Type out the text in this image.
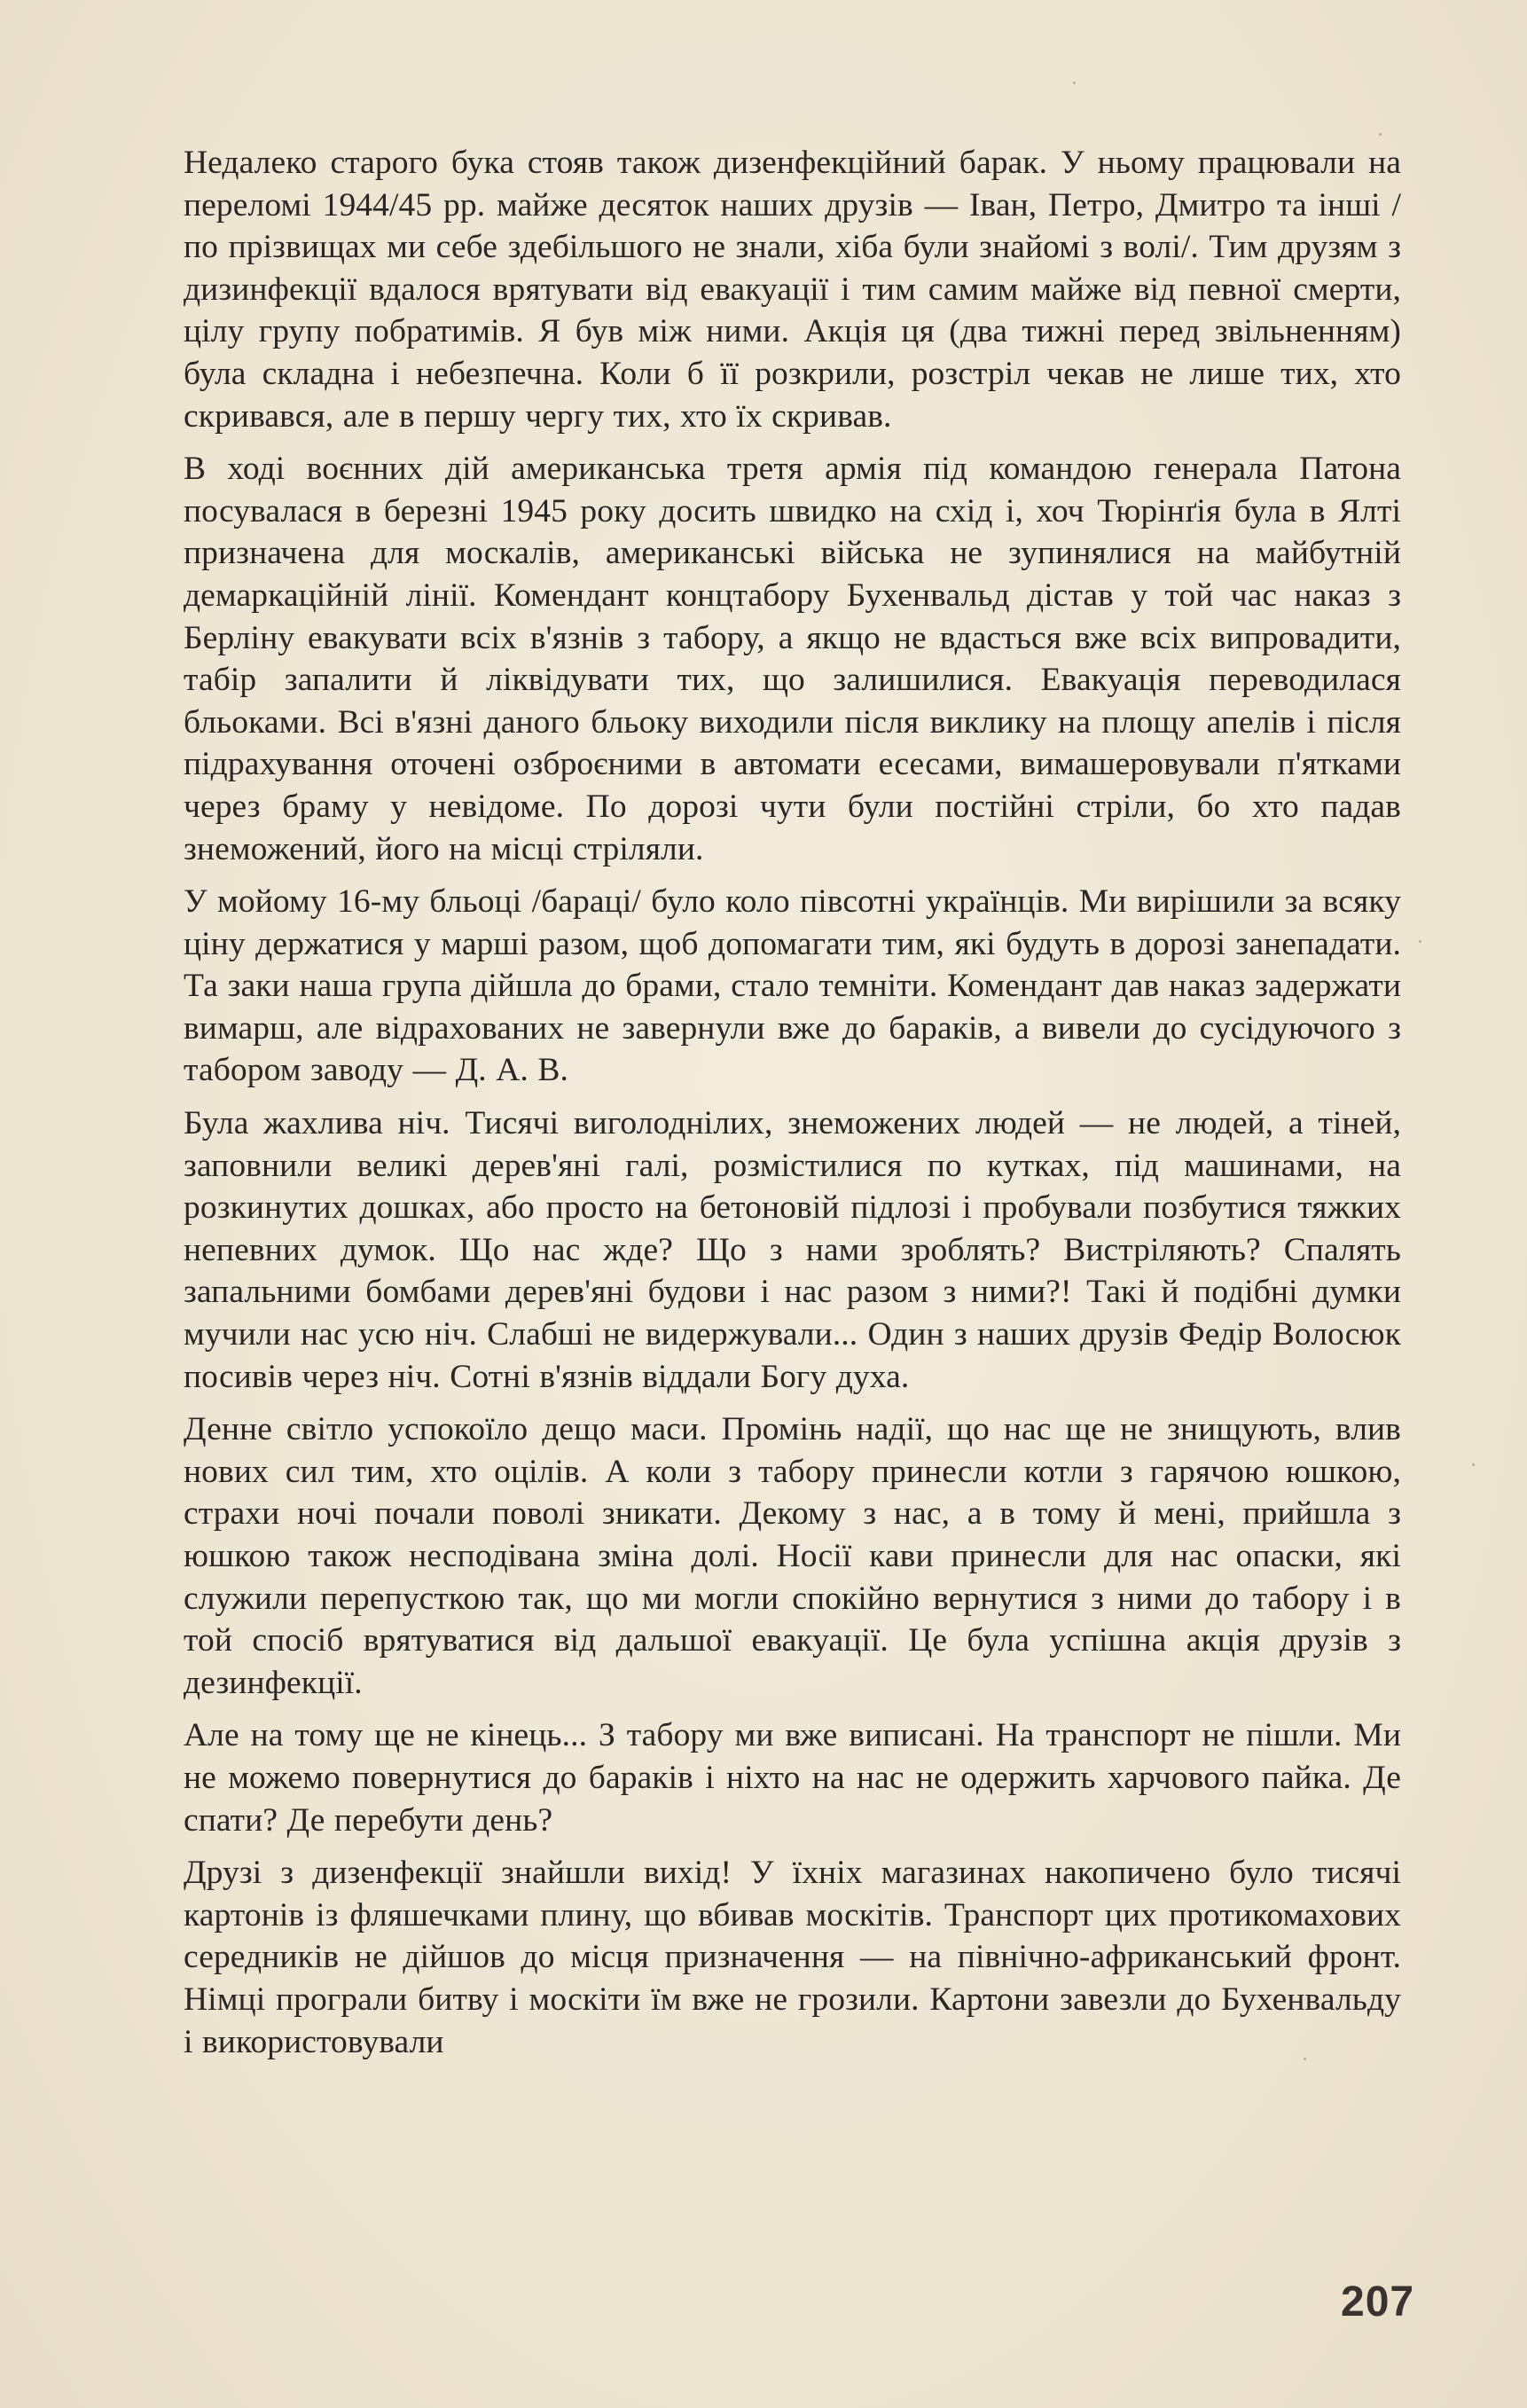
Недалеко старого бука стояв також дизенфекційний барак. У ньому працювали на переломі 1944/45 рр. майже десяток наших друзів — Іван, Петро, Дмитро та інші /по прізвищах ми себе здебільшого не знали, хіба були знайомі з волі/. Тим друзям з дизинфекції вдалося врятувати від евакуації і тим самим майже від певної смерти, цілу групу побратимів. Я був між ними. Акція ця (два тижні перед звільненням) була складна і небезпечна. Коли б її розкрили, розстріл чекав не лише тих, хто скривався, але в першу чергу тих, хто їх скривав.

В ході воєнних дій американська третя армія під командою генерала Патона посувалася в березні 1945 року досить швидко на схід і, хоч Тюрінґія була в Ялті призначена для москалів, американські війська не зупинялися на майбутній демаркаційній лінії. Комендант концтабору Бухенвальд дістав у той час наказ з Берліну евакувати всіх в'язнів з табору, а якщо не вдасться вже всіх випровадити, табір запалити й ліквідувати тих, що залишилися. Евакуація переводилася бльоками. Всі в'язні даного бльоку виходили після виклику на площу апелів і після підрахування оточені озброєними в автомати есесами, вимашеровували п'ятками через браму у невідоме. По дорозі чути були постійні стріли, бо хто падав знеможений, його на місці стріляли.

У мойому 16-му бльоці /бараці/ було коло півсотні українців. Ми вирішили за всяку ціну держатися у марші разом, щоб допомагати тим, які будуть в дорозі занепадати. Та заки наша група дійшла до брами, стало темніти. Комендант дав наказ задержати вимарш, але відрахованих не завернули вже до бараків, а вивели до сусідуючого з табором заводу — Д. А. В.

Була жахлива ніч. Тисячі виголоднілих, знеможених людей — не людей, а тіней, заповнили великі дерев'яні галі, розмістилися по кутках, під машинами, на розкинутих дошках, або просто на бетоновій підлозі і пробували позбутися тяжких непевних думок. Що нас жде? Що з нами зроблять? Вистріляють? Спалять запальними бомбами дерев'яні будови і нас разом з ними?! Такі й подібні думки мучили нас усю ніч. Слабші не видержували... Один з наших друзів Федір Волосюк посивів через ніч. Сотні в'язнів віддали Богу духа.

Денне світло успокоїло дещо маси. Промінь надії, що нас ще не знищують, влив нових сил тим, хто оцілів. А коли з табору принесли котли з гарячою юшкою, страхи ночі почали поволі зникати. Декому з нас, а в тому й мені, прийшла з юшкою також несподівана зміна долі. Носії кави принесли для нас опаски, які служили перепусткою так, що ми могли спокійно вернутися з ними до табору і в той спосіб врятуватися від дальшої евакуації. Це була успішна акція друзів з дезинфекції.

Але на тому ще не кінець... З табору ми вже виписані. На транспорт не пішли. Ми не можемо повернутися до бараків і ніхто на нас не одержить харчового пайка. Де спати? Де перебути день?

Друзі з дизенфекції знайшли вихід! У їхніх магазинах накопичено було тисячі картонів із фляшечками плину, що вбивав москітів. Транспорт цих протикомахових середників не дійшов до місця призначення — на північно-африканський фронт. Німці програли битву і москіти їм вже не грозили. Картони завезли до Бухенвальду і використовували

207
